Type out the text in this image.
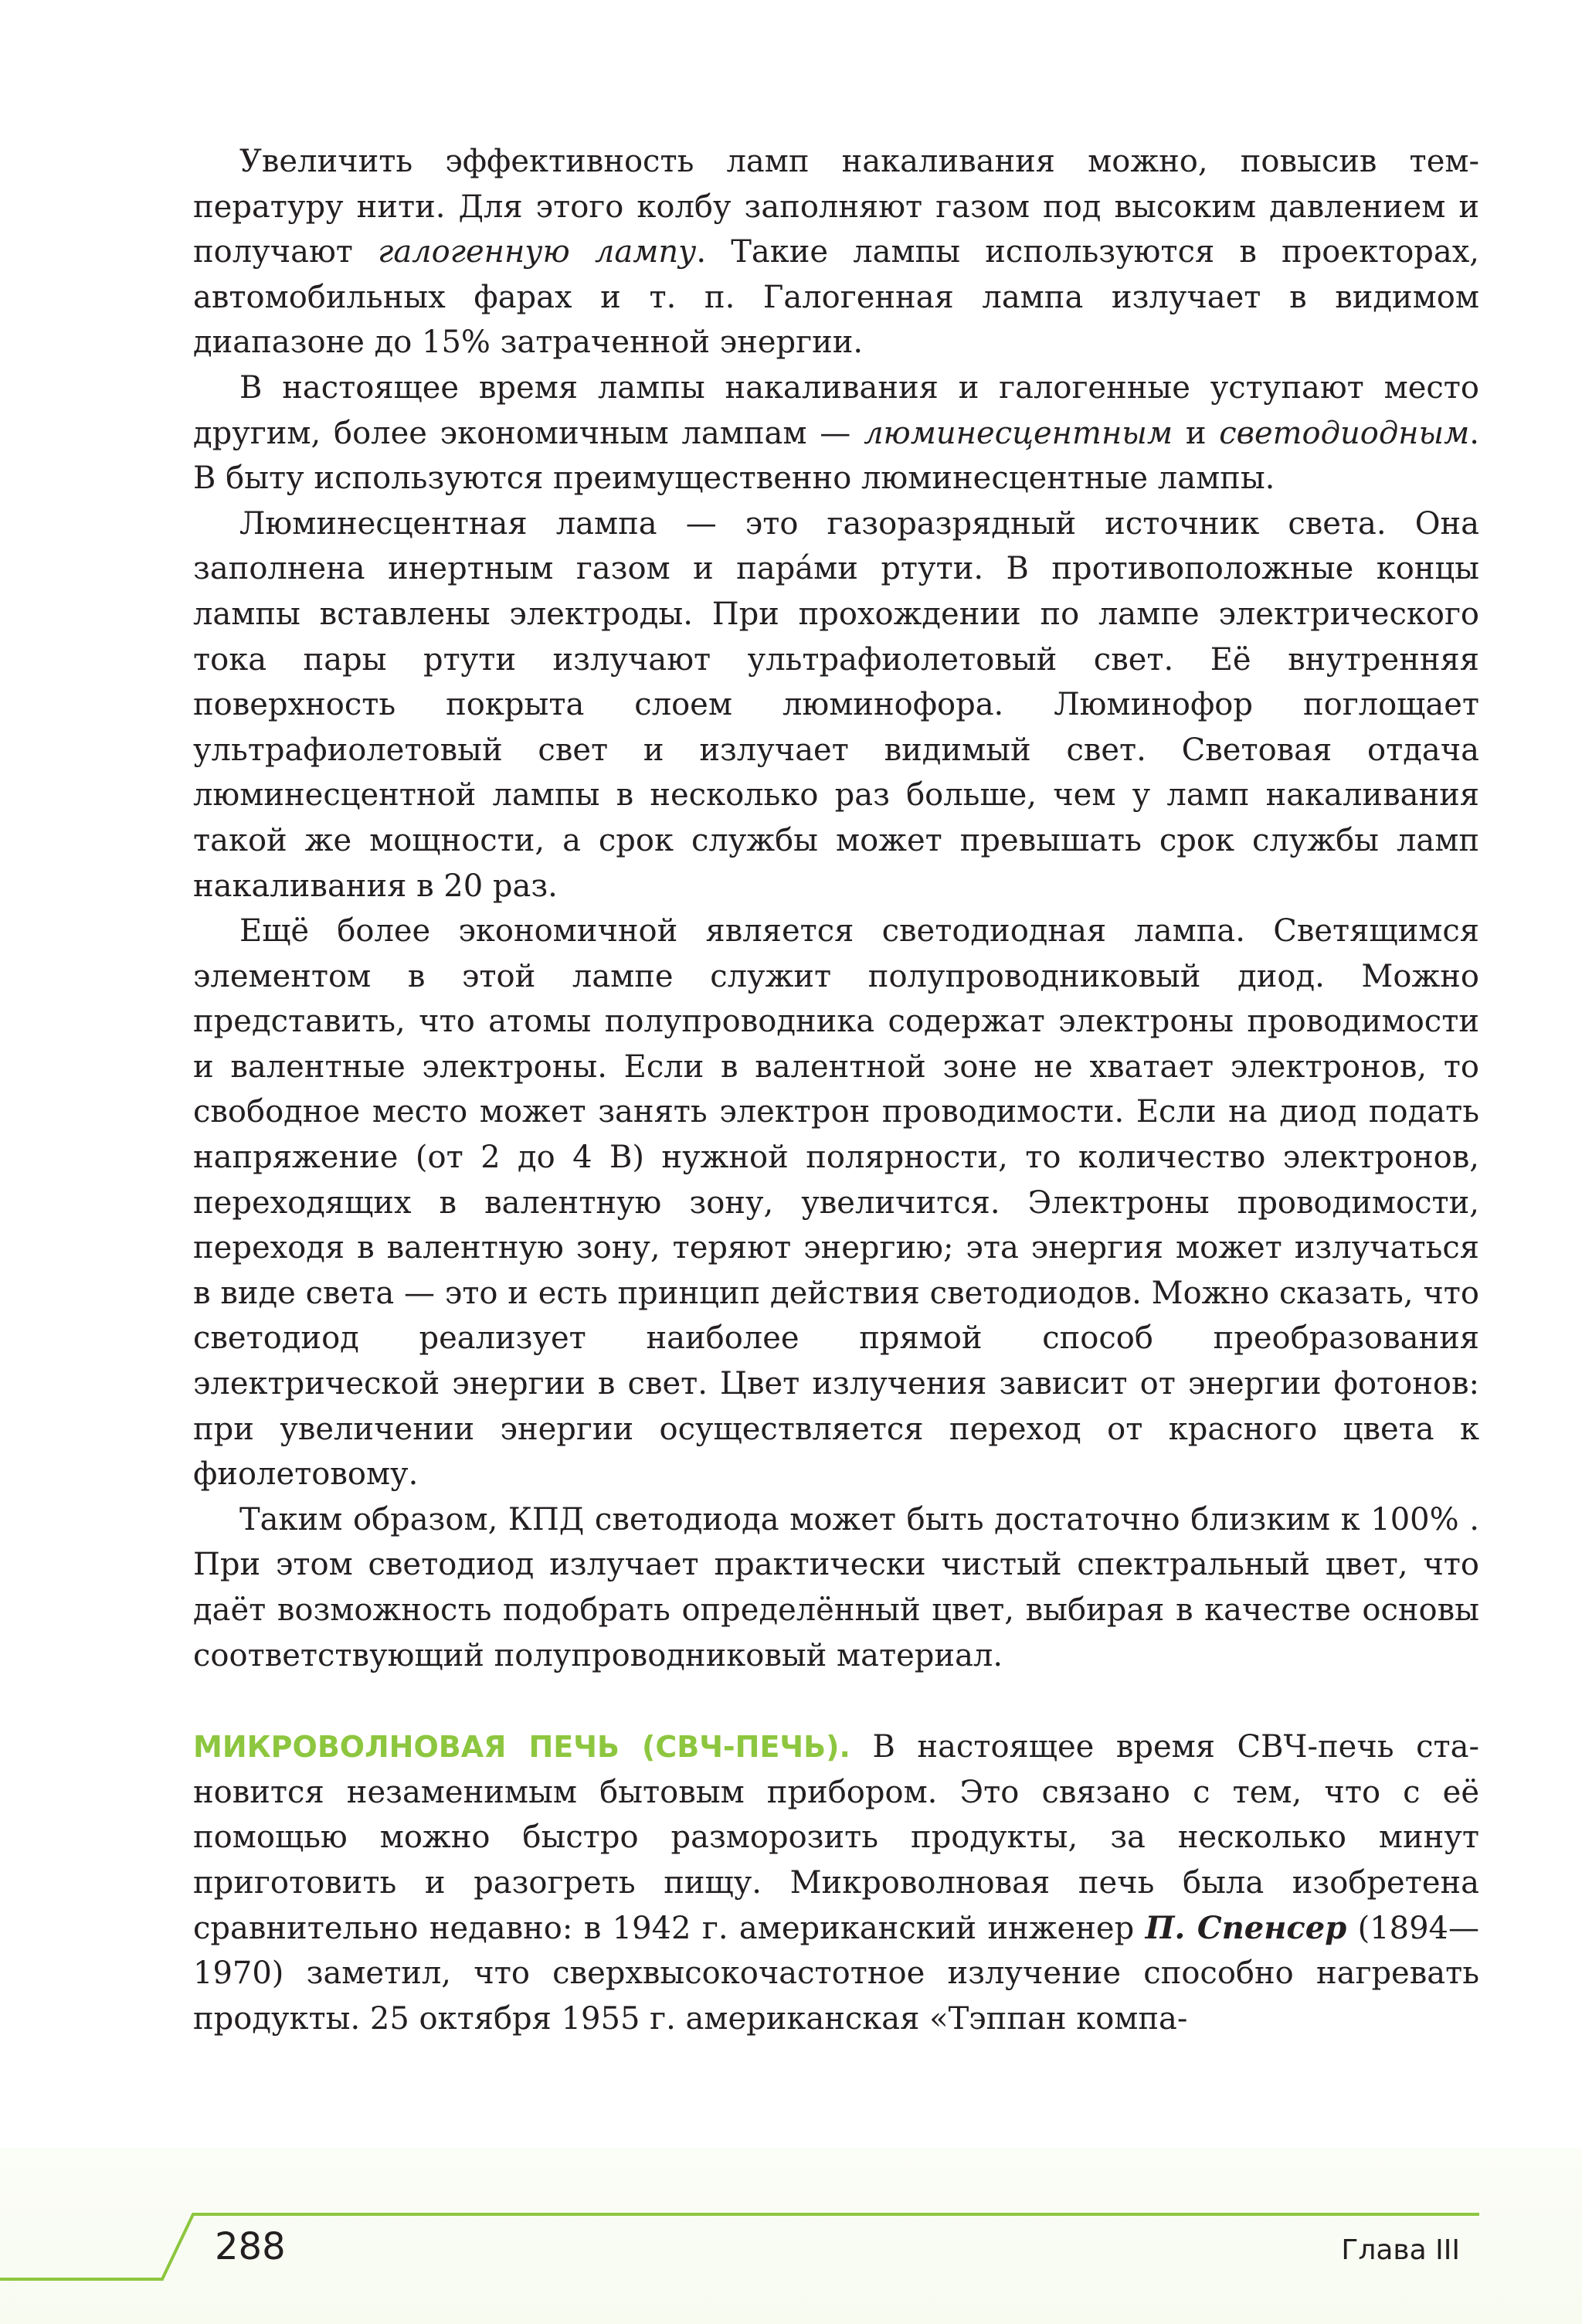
Увеличить эффективность ламп накаливания можно, повысив температуру нити. Для этого колбу заполняют газом под высоким давлением и получают галогенную лампу. Такие лампы используются в проекторах, автомобильных фарах и т. п. Галогенная лампа излучает в видимом диапазоне до 15% затраченной энергии.

В настоящее время лампы накаливания и галогенные уступают место другим, более экономичным лампам — люминесцентным и светодиодным. В быту используются преимущественно люминесцентные лампы.

Люминесцентная лампа — это газоразрядный источник света. Она заполнена инертным газом и пара́ми ртути. В противоположные концы лампы вставлены электроды. При прохождении по лампе электрического тока пары ртути излучают ультрафиолетовый свет. Её внутренняя поверхность покрыта слоем люминофора. Люминофор поглощает ультрафиолетовый свет и излучает видимый свет. Световая отдача люминесцентной лампы в несколько раз больше, чем у ламп накаливания такой же мощности, а срок службы может превышать срок службы ламп накаливания в 20 раз.

Ещё более экономичной является светодиодная лампа. Светящимся элементом в этой лампе служит полупроводниковый диод. Можно представить, что атомы полупроводника содержат электроны проводимости и валентные электроны. Если в валентной зоне не хватает электронов, то свободное место может занять электрон проводимости. Если на диод подать напряжение (от 2 до 4 В) нужной полярности, то количество электронов, переходящих в валентную зону, увеличится. Электроны проводимости, переходя в валентную зону, теряют энергию; эта энергия может излучаться в виде света — это и есть принцип действия светодиодов. Можно сказать, что светодиод реализует наиболее прямой способ преобразования электрической энергии в свет. Цвет излучения зависит от энергии фотонов: при увеличении энергии осуществляется переход от красного цвета к фиолетовому.

Таким образом, КПД светодиода может быть достаточно близким к 100% . При этом светодиод излучает практически чистый спектральный цвет, что даёт возможность подобрать определённый цвет, выбирая в качестве основы соответствующий полупроводниковый материал.

МИКРОВОЛНОВАЯ ПЕЧЬ (СВЧ-ПЕЧЬ). В настоящее время СВЧ-печь становится незаменимым бытовым прибором. Это связано с тем, что с её помощью можно быстро разморозить продукты, за несколько минут приготовить и разогреть пищу. Микроволновая печь была изобретена сравнительно недавно: в 1942 г. американский инженер П. Спенсер (1894—1970) заметил, что сверхвысокочастотное излучение способно нагревать продукты. 25 октября 1955 г. американская «Тэппан компа-

288	Глава III
